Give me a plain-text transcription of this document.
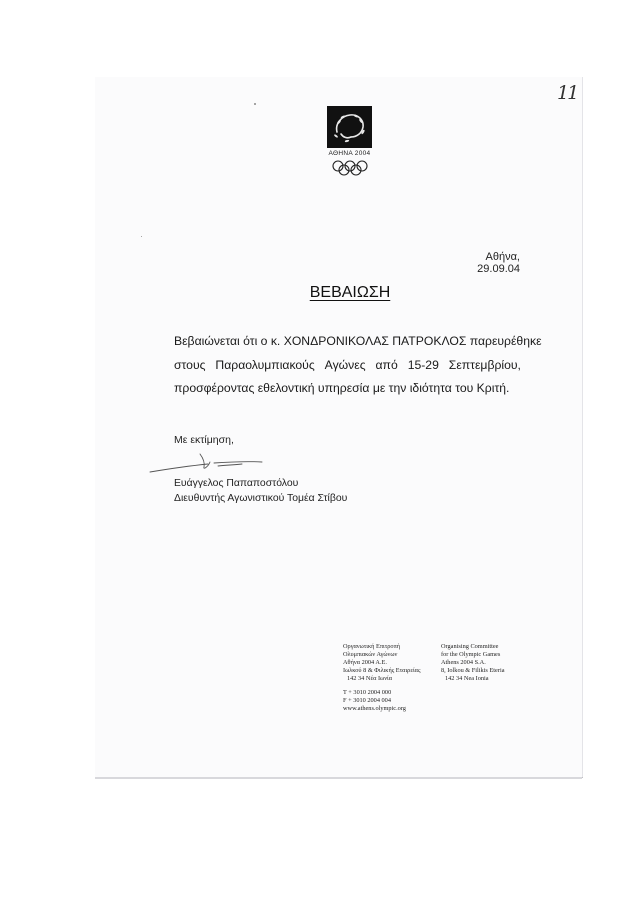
11
ΑΘΗΝΑ 2004
Αθήνα, 29.09.04
ΒΕΒΑΙΩΣΗ
Βεβαιώνεται ότι ο κ. ΧΟΝΔΡΟΝΙΚΟΛΑΣ ΠΑΤΡΟΚΛΟΣ παρευρέθηκε
στους Παραολυμπιακούς Αγώνες από 15-29 Σεπτεμβρίου,
προσφέροντας εθελοντική υπηρεσία με την ιδιότητα του Κριτή.
Με εκτίμηση,
Ευάγγελος Παπαποστόλου
Διευθυντής Αγωνιστικού Τομέα Στίβου
Οργανωτική Επιτροπή
Ολυμπιακών Αγώνων
Αθήνα 2004 Α.Ε.
Ιωλκού 8 & Φιλικής Εταιρείας
142 34 Νέα Ιωνία
Organising Committee
for the Olympic Games
Athens 2004 S.A.
8, Iolkou & Filikis Eteria
142 34 Nea Ionia
T + 3010 2004 000
F + 3010 2004 004
www.athens.olympic.org
